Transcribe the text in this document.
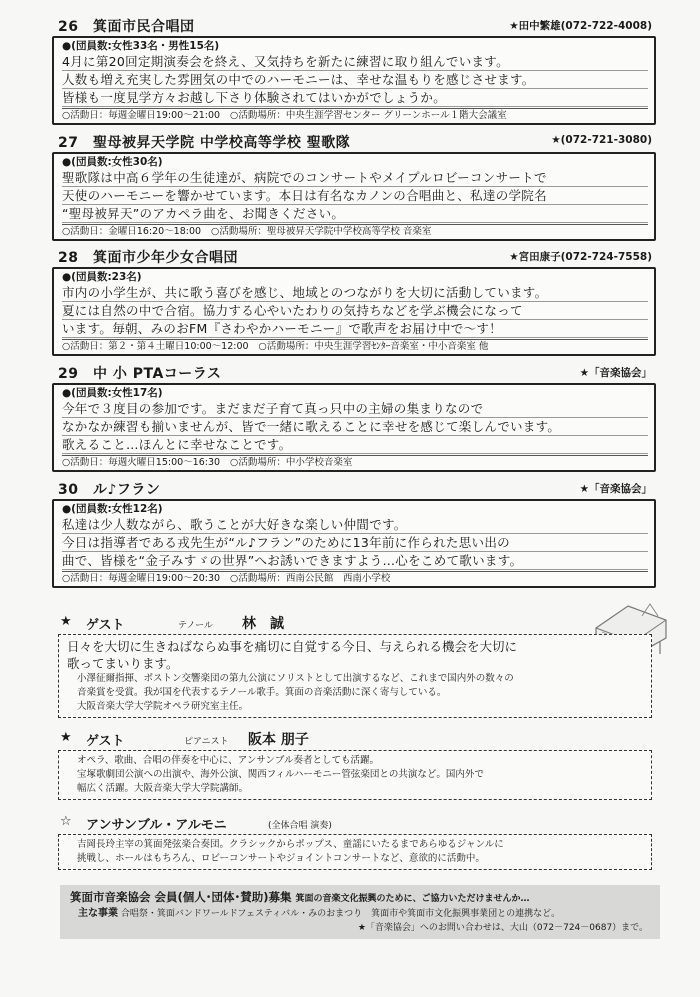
26　 箕面市民合唱団	★田中繁雄(072-722-4008)
●(団員数:女性33名・男性15名)
4月に第20回定期演奏会を終え、又気持ちを新たに練習に取り組んでいます。
人数も増え充実した雰囲気の中でのハーモニーは、幸せな温もりを感じさせます。
皆様も一度見学方々お越し下さり体験されてはいかがでしょうか。
○活動日：毎週金曜日19:00～21:00 ○活動場所：中央生涯学習センター グリーンホール１階大会議室
27　 聖母被昇天学院 中学校高等学校 聖歌隊	★(072-721-3080)
●(団員数:女性30名)
聖歌隊は中高６学年の生徒達が、病院でのコンサートやメイプルロビーコンサートで
天使のハーモニーを響かせています。本日は有名なカノンの合唱曲と、私達の学院名
“聖母被昇天”のアカペラ曲を、お聞きください。
○活動日：金曜日16:20～18:00 ○活動場所：聖母被昇天学院中学校高等学校 音楽室
28　 箕面市少年少女合唱団	★宮田康子(072-724-7558)
●(団員数:23名)
市内の小学生が、共に歌う喜びを感じ、地域とのつながりを大切に活動しています。
夏には自然の中で合宿。協力する心やいたわりの気持ちなどを学ぶ機会になって
います。毎朝、みのおFM『さわやかハーモニー』で歌声をお届け中で～す！
○活動日：第２・第４土曜日10:00～12:00 ○活動場所：中央生涯学習ｾﾝﾀｰ音楽室・中小音楽室 他
29　 中 小 PTAコーラス	★「音楽協会」
●(団員数:女性17名)
今年で３度目の参加です。まだまだ子育て真っ只中の主婦の集まりなので
なかなか練習も揃いませんが、皆で一緒に歌えることに幸せを感じて楽しんでいます。
歌えること…ほんとに幸せなことです。
○活動日：毎週火曜日15:00～16:30 ○活動場所：中小学校音楽室
30　 ル♪フラン	★「音楽協会」
●(団員数:女性12名)
私達は少人数ながら、歌うことが大好きな楽しい仲間です。
今日は指導者である戎先生が“ル♪フラン”のために13年前に作られた思い出の
曲で、皆様を“金子みすゞの世界”へお誘いできますよう…心をこめて歌います。
○活動日：毎週金曜日19:00～20:30 ○活動場所：西南公民館　西南小学校
★ ゲスト	テノール 林　誠
日々を大切に生きねばならぬ事を痛切に自覚する今日、与えられる機会を大切に
歌ってまいります。
小澤征爾指揮、ボストン交響楽団の第九公演にソリストとして出演するなど、これまで国内外の数々の
音楽賞を受賞。我が国を代表するテノール歌手。箕面の音楽活動に深く寄与している。
大阪音楽大学大学院オペラ研究室主任。
★ ゲスト	ピアニスト 阪本 朋子
オペラ、歌曲、合唱の伴奏を中心に、アンサンブル奏者としても活躍。
宝塚歌劇団公演への出演や、海外公演、関西フィルハーモニー管弦楽団との共演など。国内外で
幅広く活躍。大阪音楽大学大学院講師。
☆ アンサンブル・アルモニ	(全体合唱 演奏)
吉岡長玲主宰の箕面発弦楽合奏団。クラシックからポップス、童謡にいたるまであらゆるジャンルに
挑戦し、ホールはもちろん、ロビーコンサートやジョイントコンサートなど、意欲的に活動中。
箕面市音楽協会 会員(個人･団体･賛助)募集 箕面の音楽文化振興のために、ご協力いただけませんか…
主な事業 合唱祭・箕面バンドワールドフェスティバル・みのおまつり　箕面市や箕面市文化振興事業団との連携など。
★「音楽協会」へのお問い合わせは、大山（072－724－0687）まで。
